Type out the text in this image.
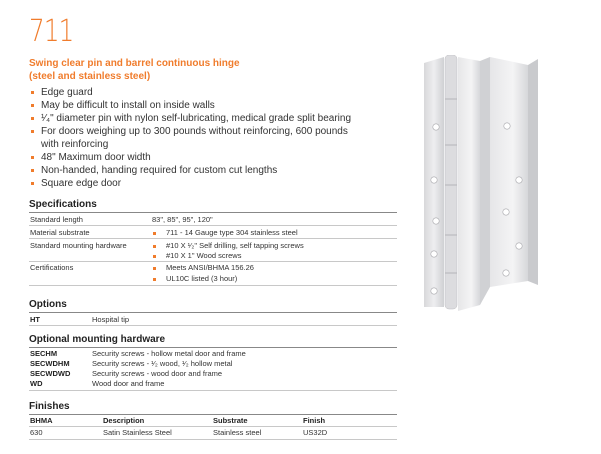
711
Swing clear pin and barrel continuous hinge
(steel and stainless steel)
Edge guard
May be difficult to install on inside walls
¹⁄₄" diameter pin with nylon self-lubricating, medical grade split bearing
For doors weighing up to 300 pounds without reinforcing, 600 pounds
with reinforcing
48" Maximum door width
Non-handed, handing required for custom cut lengths
Square edge door
Specifications
Standard length	83", 85", 95", 120"
Material substrate	711 - 14 Gauge type 304 stainless steel
Standard mounting hardware	#10 X ¹⁄₂" Self drilling, self tapping screws
#10 X 1" Wood screws
Certifications	Meets ANSI/BHMA 156.26
UL10C listed (3 hour)
Options
HT	Hospital tip
Optional mounting hardware
SECHM	Security screws - hollow metal door and frame
SECWDHM	Security screws - ¹⁄₂ wood, ¹⁄₂ hollow metal
SECWDWD	Security screws - wood door and frame
WD	Wood door and frame
Finishes
BHMA	Description	Substrate	Finish
630	Satin Stainless Steel	Stainless steel	US32D
